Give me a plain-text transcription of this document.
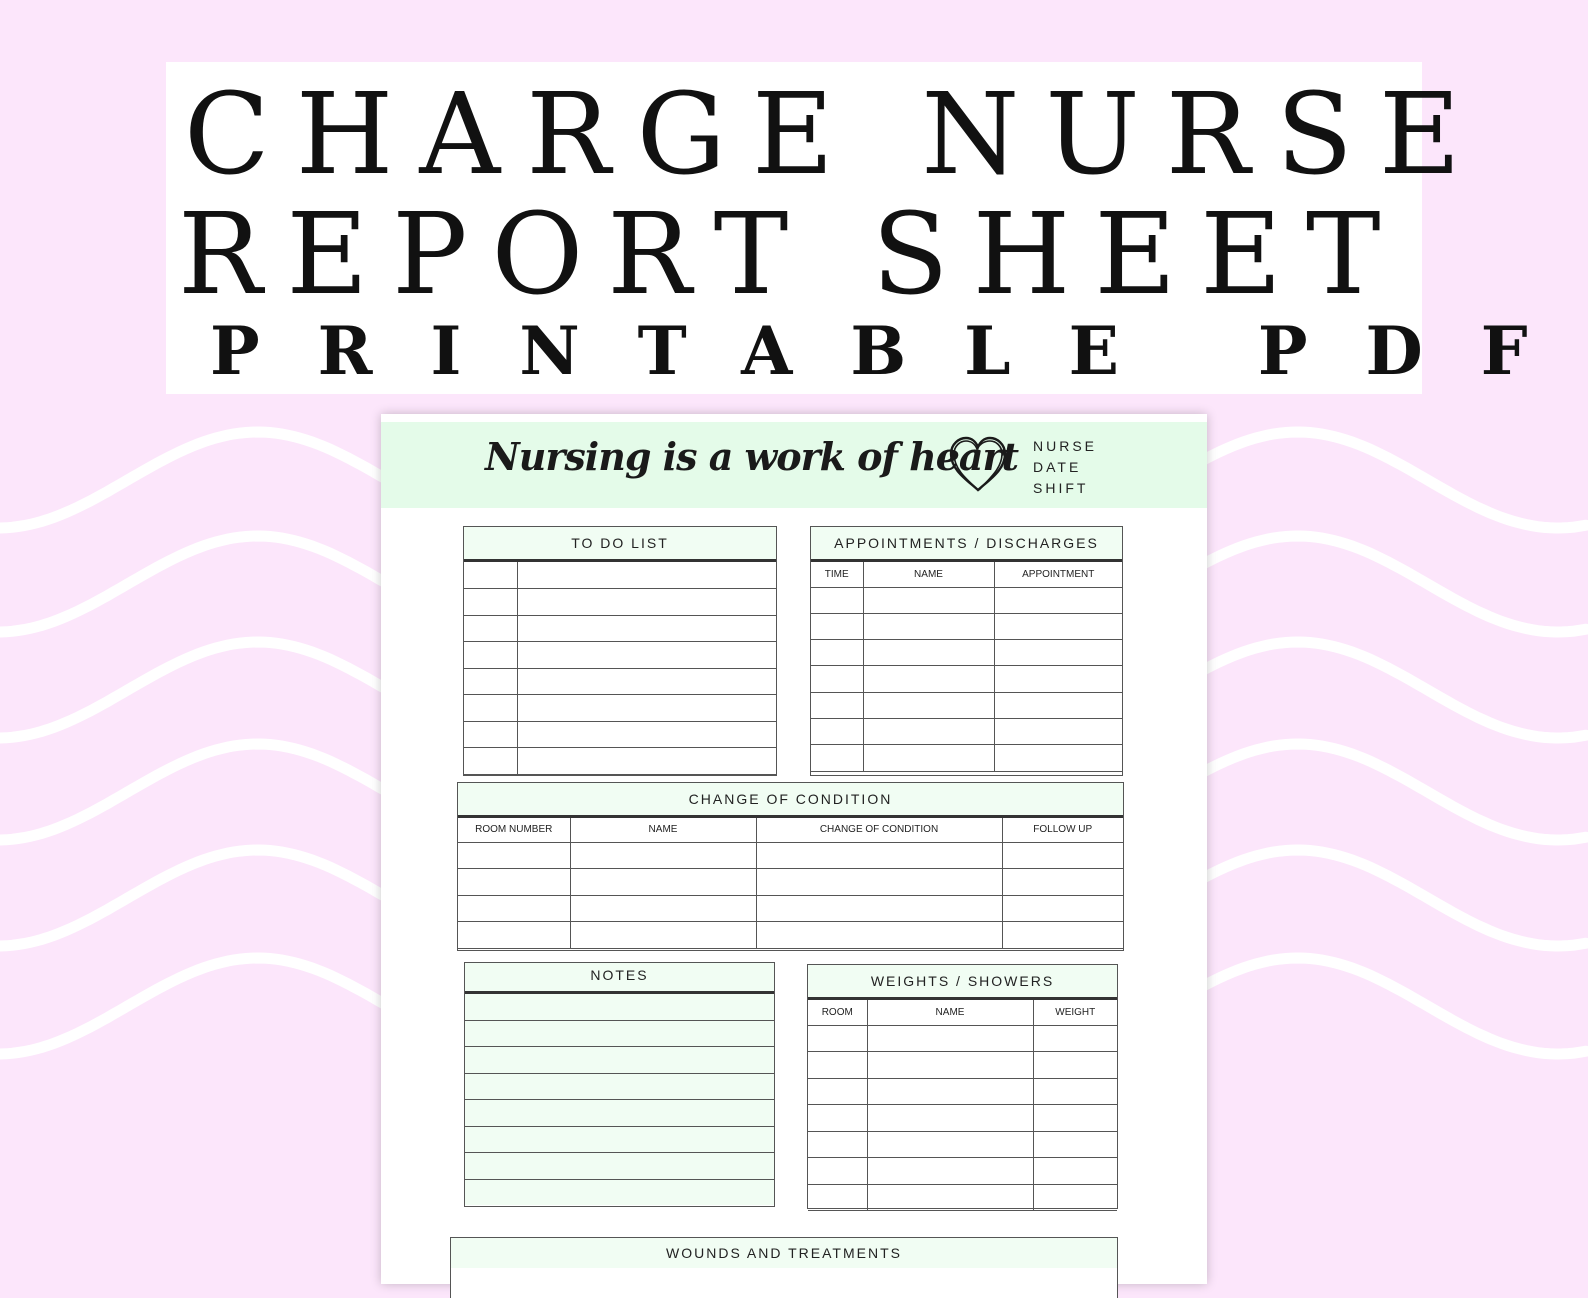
CHARGE NURSE
REPORT SHEET
PRINTABLE PDF
Nursing is a work of heart NURSE
DATE
SHIFT
TO DO LIST

		APPOINTMENTS / DISCHARGES
TIME	NAME	APPOINTMENT

CHANGE OF CONDITION
ROOM NUMBER	NAME	CHANGE OF CONDITION	FOLLOW UP

NOTES	WEIGHTS / SHOWERS
ROOM	NAME	WEIGHT

WOUNDS AND TREATMENTS
